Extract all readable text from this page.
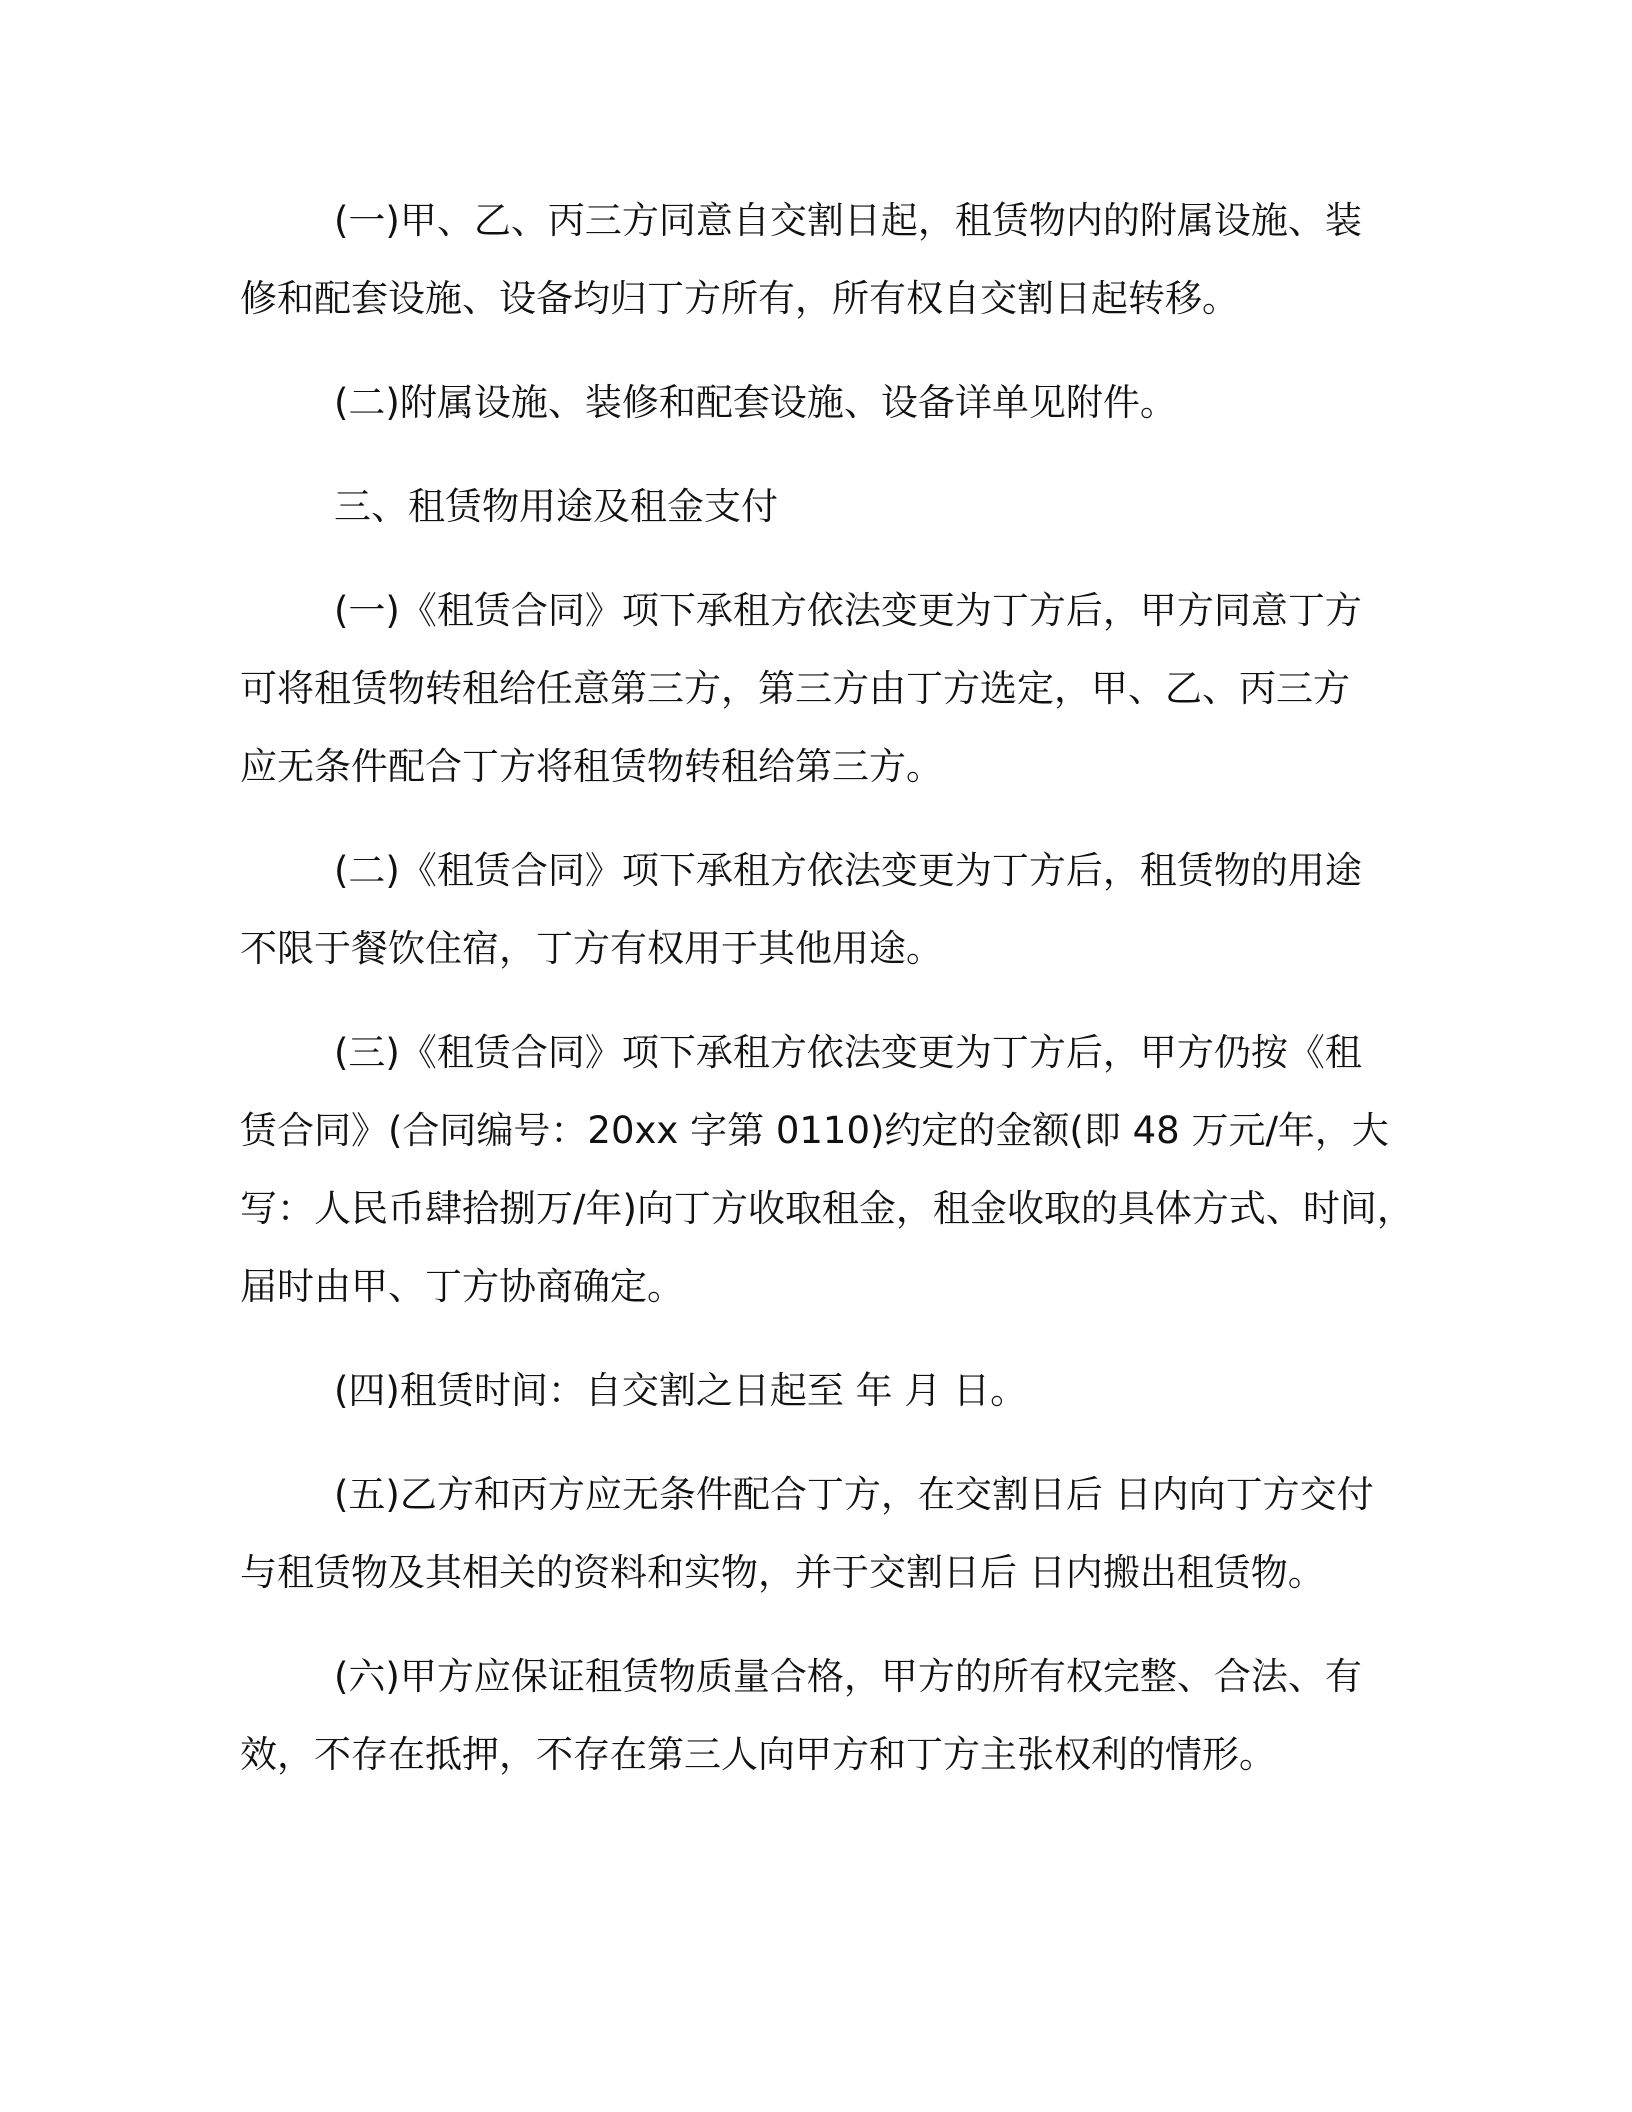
(一)甲、乙、丙三方同意自交割日起，租赁物内的附属设施、装
修和配套设施、设备均归丁方所有，所有权自交割日起转移。
(二)附属设施、装修和配套设施、设备详单见附件。
三、租赁物用途及租金支付
(一)《租赁合同》项下承租方依法变更为丁方后，甲方同意丁方
可将租赁物转租给任意第三方，第三方由丁方选定，甲、乙、丙三方
应无条件配合丁方将租赁物转租给第三方。
(二)《租赁合同》项下承租方依法变更为丁方后，租赁物的用途
不限于餐饮住宿，丁方有权用于其他用途。
(三)《租赁合同》项下承租方依法变更为丁方后，甲方仍按《租
赁合同》(合同编号：20xx 字第 0110)约定的金额(即 48 万元/年，大
写：人民币肆拾捌万/年)向丁方收取租金，租金收取的具体方式、时间，
届时由甲、丁方协商确定。
(四)租赁时间：自交割之日起至 年 月 日。
(五)乙方和丙方应无条件配合丁方，在交割日后 日内向丁方交付
与租赁物及其相关的资料和实物，并于交割日后 日内搬出租赁物。
(六)甲方应保证租赁物质量合格，甲方的所有权完整、合法、有
效，不存在抵押，不存在第三人向甲方和丁方主张权利的情形。
